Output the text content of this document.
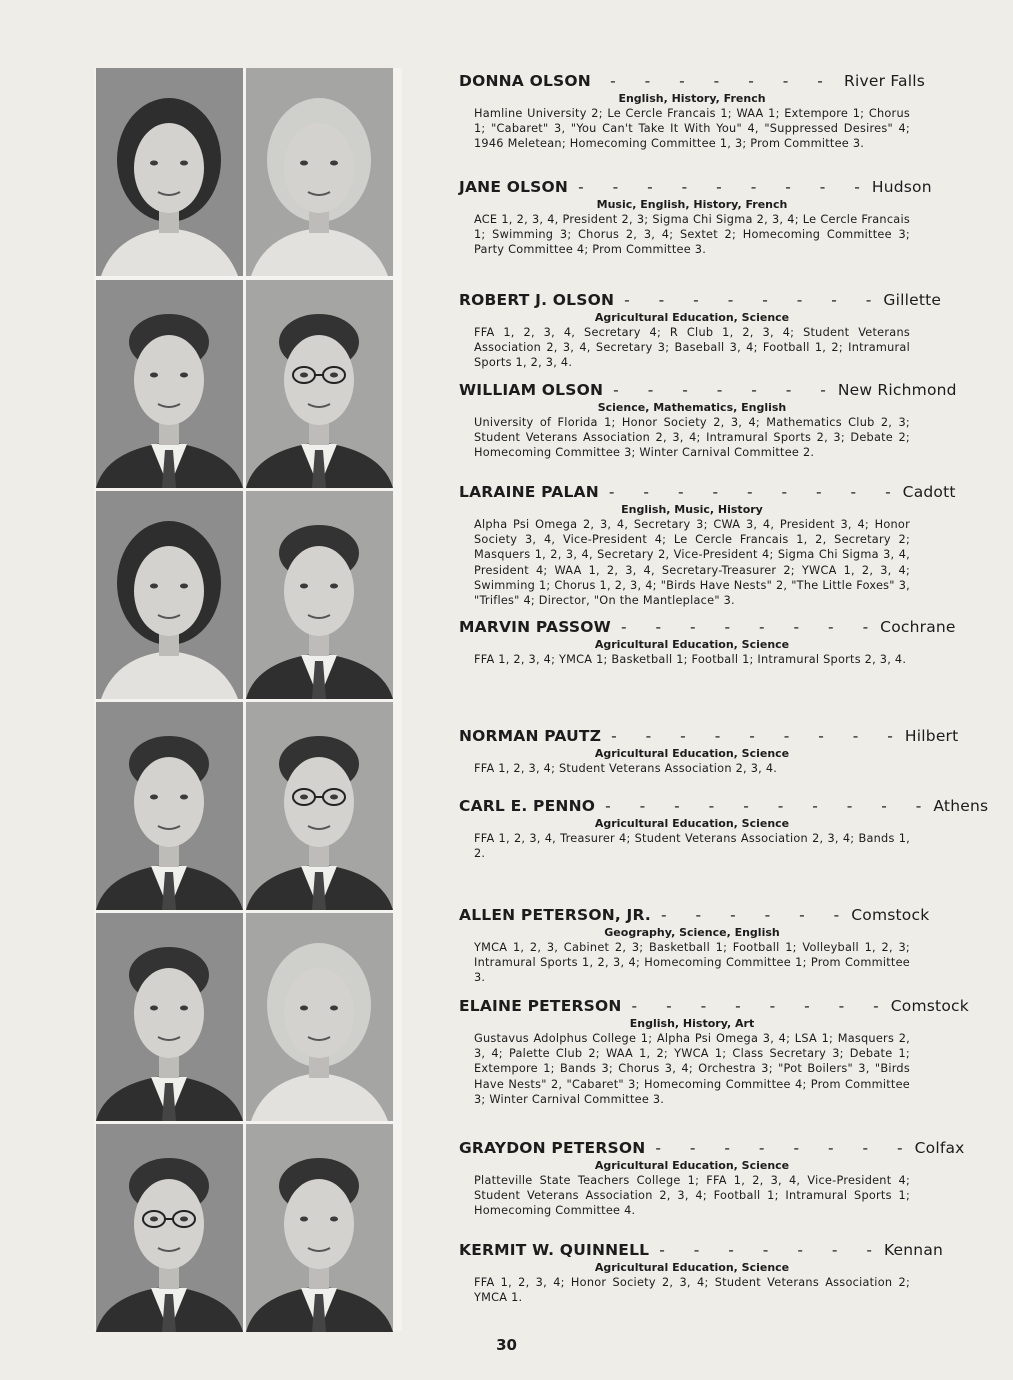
DONNA OLSON	- - - - - - - River Falls
English, History, French
Hamline University 2; Le Cercle Francais 1; WAA 1; Extempore 1; Chorus 1; "Cabaret" 3, "You Can't Take It With You" 4, "Suppressed Desires" 4; 1946 Meletean; Homecoming Committee 1, 3; Prom Committee 3.
JANE OLSON - - - - - - - - - Hudson
Music, English, History, French
ACE 1, 2, 3, 4, President 2, 3; Sigma Chi Sigma 2, 3, 4; Le Cercle Francais 1; Swimming 3; Chorus 2, 3, 4; Sextet 2; Homecoming Committee 3; Party Committee 4; Prom Committee 3.
ROBERT J. OLSON - - - - - - - - Gillette
Agricultural Education, Science
FFA 1, 2, 3, 4, Secretary 4; R Club 1, 2, 3, 4; Student Veterans Association 2, 3, 4, Secretary 3; Baseball 3, 4; Football 1, 2; Intramural Sports 1, 2, 3, 4.
WILLIAM OLSON - - - - - - - New Richmond
Science, Mathematics, English
University of Florida 1; Honor Society 2, 3, 4; Mathematics Club 2, 3; Student Veterans Association 2, 3, 4; Intramural Sports 2, 3; Debate 2; Homecoming Committee 3; Winter Carnival Committee 2.
LARAINE PALAN - - - - - - - - - Cadott
English, Music, History
Alpha Psi Omega 2, 3, 4, Secretary 3; CWA 3, 4, President 3, 4; Honor Society 3, 4, Vice-President 4; Le Cercle Francais 1, 2, Secretary 2; Masquers 1, 2, 3, 4, Secretary 2, Vice-President 4; Sigma Chi Sigma 3, 4, President 4; WAA 1, 2, 3, 4, Secretary-Treasurer 2; YWCA 1, 2, 3, 4; Swimming 1; Chorus 1, 2, 3, 4; "Birds Have Nests" 2, "The Little Foxes" 3, "Trifles" 4; Director, "On the Mantleplace" 3.
MARVIN PASSOW - - - - - - - - Cochrane
Agricultural Education, Science
FFA 1, 2, 3, 4; YMCA 1; Basketball 1; Football 1; Intramural Sports 2, 3, 4.
NORMAN PAUTZ - - - - - - - - - Hilbert
Agricultural Education, Science
FFA 1, 2, 3, 4; Student Veterans Association 2, 3, 4.
CARL E. PENNO - - - - - - - - - - Athens
Agricultural Education, Science
FFA 1, 2, 3, 4, Treasurer 4; Student Veterans Association 2, 3, 4; Bands 1, 2.
ALLEN PETERSON, JR. - - - - - - Comstock
Geography, Science, English
YMCA 1, 2, 3, Cabinet 2, 3; Basketball 1; Football 1; Volleyball 1, 2, 3; Intramural Sports 1, 2, 3, 4; Homecoming Committee 1; Prom Committee 3.
ELAINE PETERSON - - - - - - - - Comstock
English, History, Art
Gustavus Adolphus College 1; Alpha Psi Omega 3, 4; LSA 1; Masquers 2, 3, 4; Palette Club 2; WAA 1, 2; YWCA 1; Class Secretary 3; Debate 1; Extempore 1; Bands 3; Chorus 3, 4; Orchestra 3; "Pot Boilers" 3, "Birds Have Nests" 2, "Cabaret" 3; Homecoming Committee 4; Prom Committee 3; Winter Carnival Committee 3.
GRAYDON PETERSON - - - - - - - - Colfax
Agricultural Education, Science
Platteville State Teachers College 1; FFA 1, 2, 3, 4, Vice-President 4; Student Veterans Association 2, 3, 4; Football 1; Intramural Sports 1; Homecoming Committee 4.
KERMIT W. QUINNELL - - - - - - - Kennan
Agricultural Education, Science
FFA 1, 2, 3, 4; Honor Society 2, 3, 4; Student Veterans Association 2; YMCA 1.
30
